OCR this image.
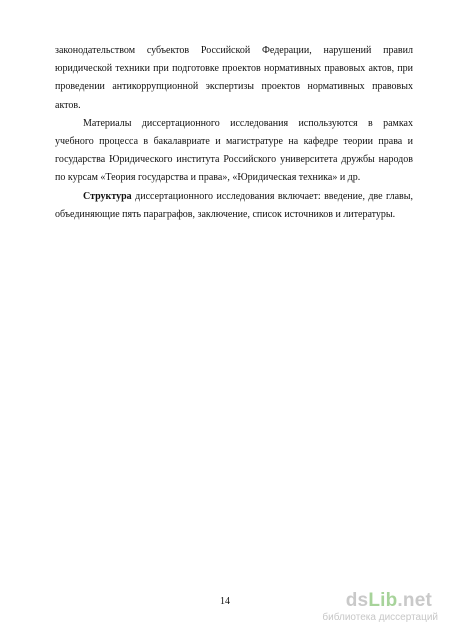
законодательством субъектов Российской Федерации, нарушений правил юридической техники при подготовке проектов нормативных правовых актов, при проведении антикоррупционной экспертизы проектов нормативных правовых актов.

Материалы диссертационного исследования используются в рамках учебного процесса в бакалавриате и магистратуре на кафедре теории права и государства Юридического института Российского университета дружбы народов по курсам «Теория государства и права», «Юридическая техника» и др.

Структура диссертационного исследования включает: введение, две главы, объединяющие пять параграфов, заключение, список источников и литературы.

14	dsLib.net
библиотека диссертаций
